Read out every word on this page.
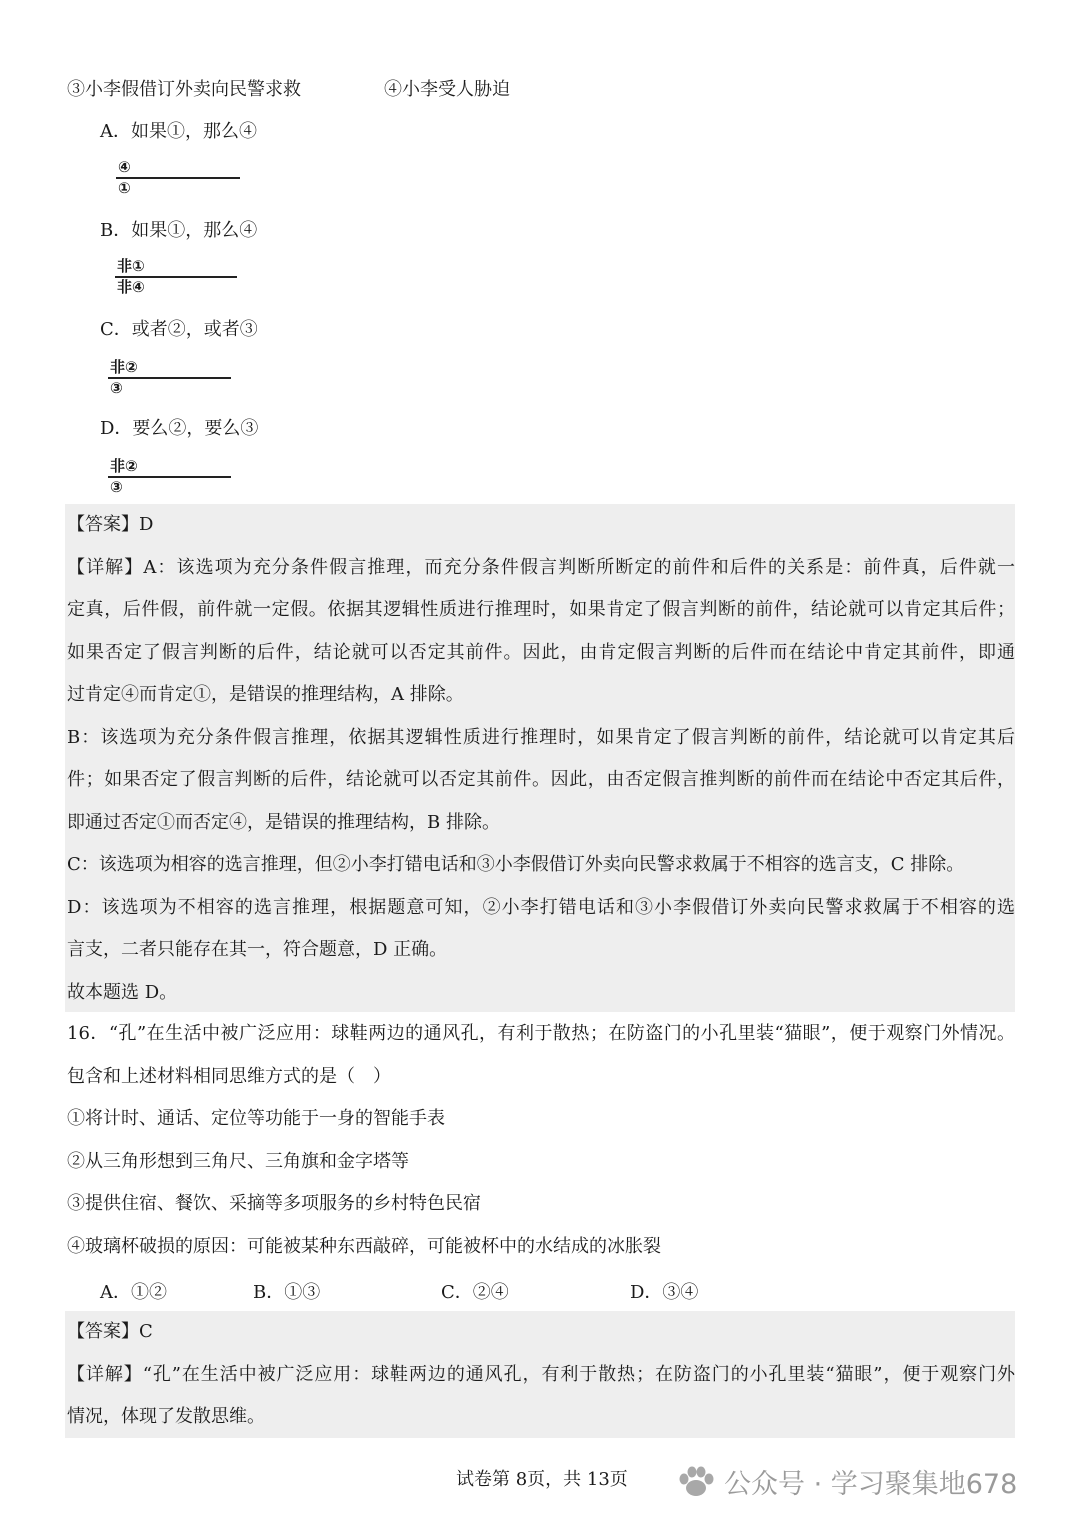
③小李假借订外卖向民警求救	④小李受人胁迫
A．如果①，那么④
④
①
B．如果①，那么④
非①
非④
C．或者②，或者③
非②
③
D．要么②，要么③
非②
③
【答案】D
【详解】A：该选项为充分条件假言推理，而充分条件假言判断所断定的前件和后件的关系是：前件真，后件就一
定真，后件假，前件就一定假。依据其逻辑性质进行推理时，如果肯定了假言判断的前件，结论就可以肯定其后件；
如果否定了假言判断的后件，结论就可以否定其前件。因此，由肯定假言判断的后件而在结论中肯定其前件，即通
过肯定④而肯定①，是错误的推理结构，A 排除。
B：该选项为充分条件假言推理，依据其逻辑性质进行推理时，如果肯定了假言判断的前件，结论就可以肯定其后
件；如果否定了假言判断的后件，结论就可以否定其前件。因此，由否定假言推判断的前件而在结论中否定其后件，
即通过否定①而否定④，是错误的推理结构，B 排除。
C：该选项为相容的选言推理，但②小李打错电话和③小李假借订外卖向民警求救属于不相容的选言支，C 排除。
D：该选项为不相容的选言推理，根据题意可知，②小李打错电话和③小李假借订外卖向民警求救属于不相容的选
言支，二者只能存在其一，符合题意，D 正确。
故本题选 D。
16．“孔”在生活中被广泛应用：球鞋两边的通风孔，有利于散热；在防盗门的小孔里装“猫眼”，便于观察门外情况。
包含和上述材料相同思维方式的是（　）
①将计时、通话、定位等功能于一身的智能手表
②从三角形想到三角尺、三角旗和金字塔等
③提供住宿、餐饮、采摘等多项服务的乡村特色民宿
④玻璃杯破损的原因：可能被某种东西敲碎，可能被杯中的水结成的冰胀裂
A．①②	B．①③	C．②④	D．③④
【答案】C
【详解】“孔”在生活中被广泛应用：球鞋两边的通风孔，有利于散热；在防盗门的小孔里装“猫眼”，便于观察门外
情况，体现了发散思维。
试卷第 8页，共 13页	公众号 · 学习聚集地678
